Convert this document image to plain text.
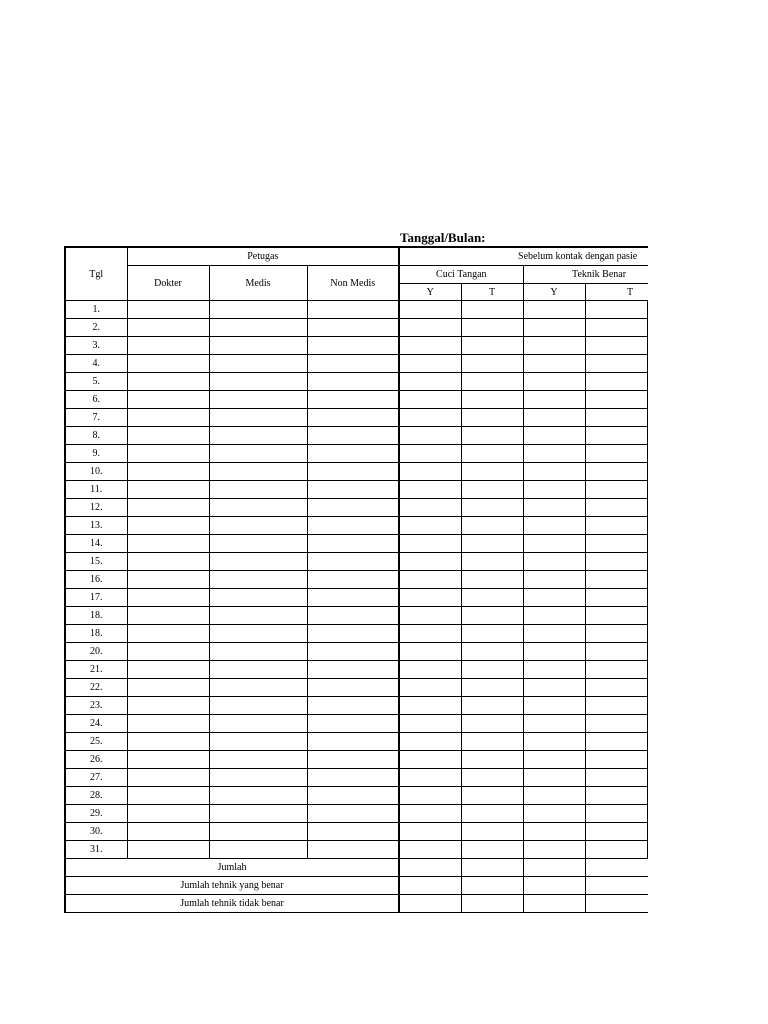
Tanggal/Bulan:
Tgl	Petugas			Sebelum kontak dengan pasie				
	Dokter	Medis	Non Medis	Cuci Tangan		Teknik Benar		
				Y	T	Y	T	
1.								
2.								
3.								
4.								
5.								
6.								
7.								
8.								
9.								
10.								
11.								
12.								
13.								
14.								
15.								
16.								
17.								
18.								
18.								
20.								
21.								
22.								
23.								
24.								
25.								
26.								
27.								
28.								
29.								
30.								
31.								
Jumlah								
Jumlah tehnik yang benar								
Jumlah tehnik tidak benar								
